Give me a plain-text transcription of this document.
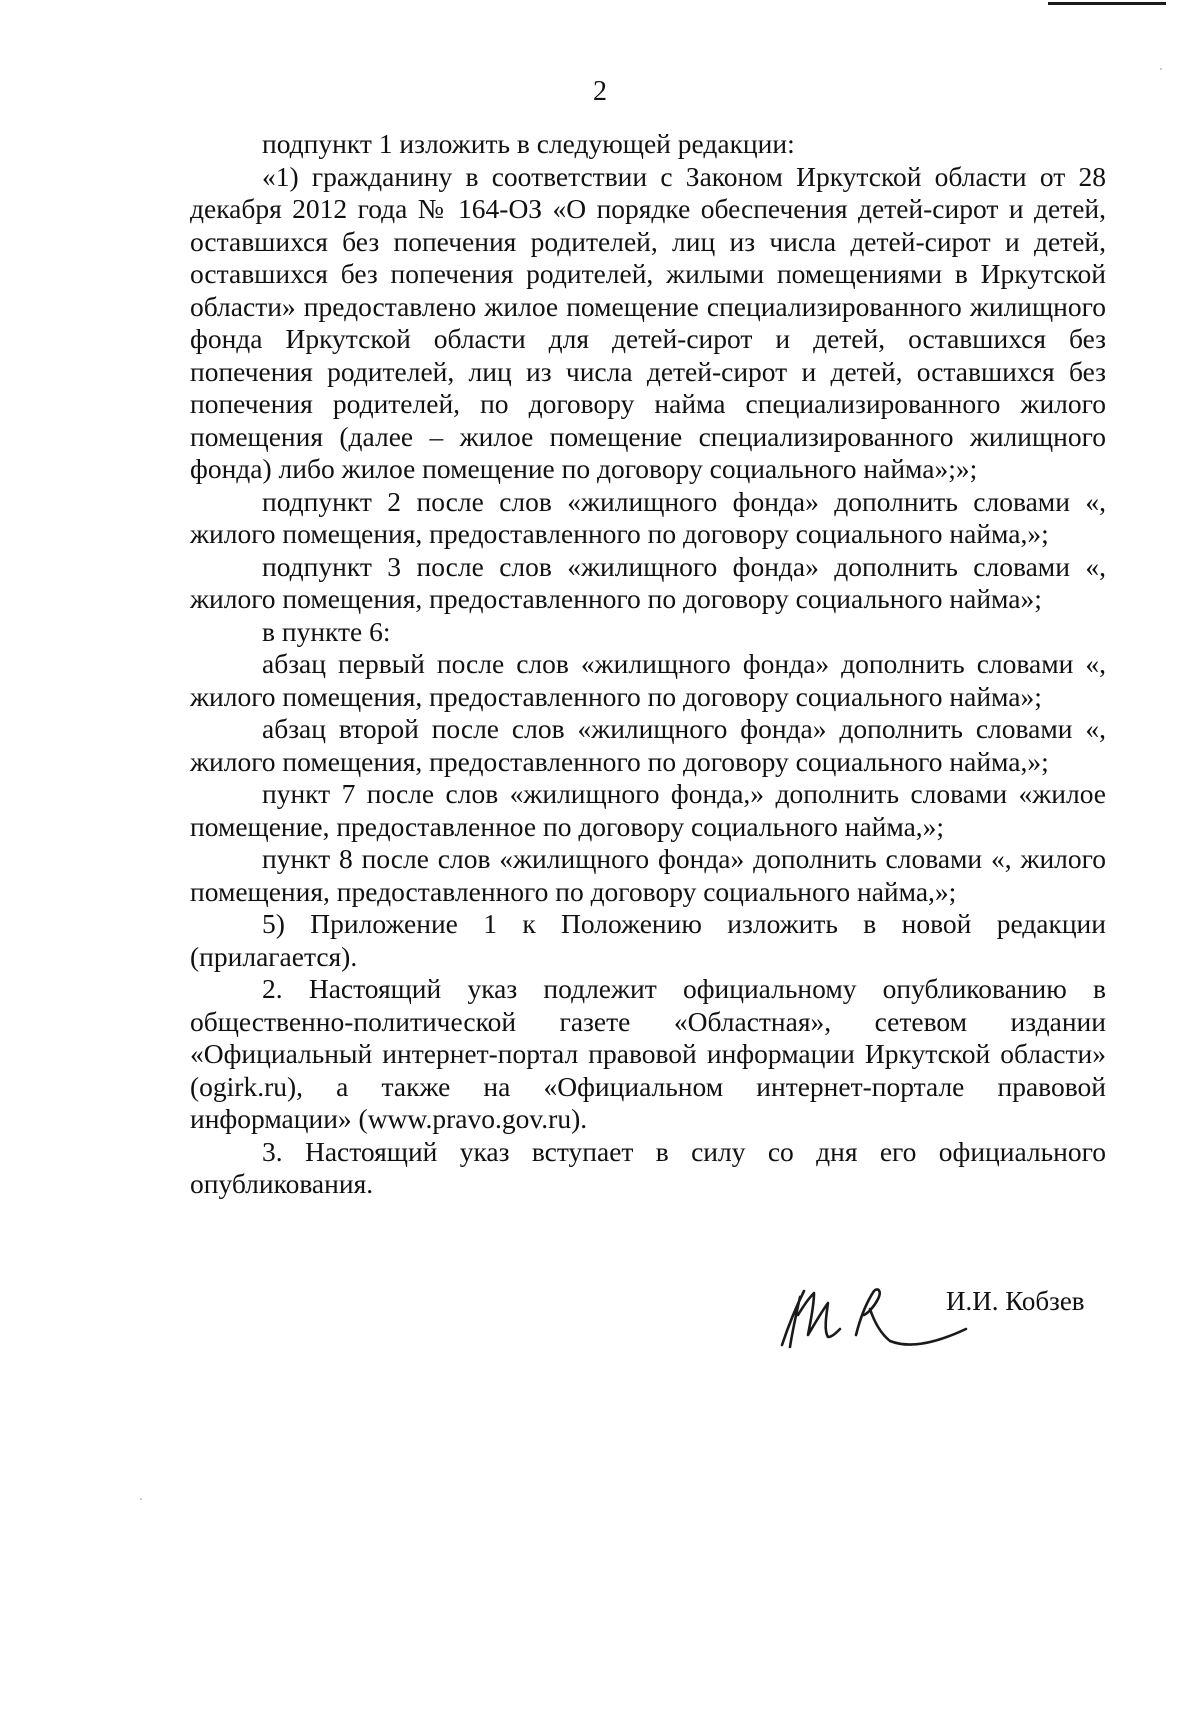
2

подпункт 1 изложить в следующей редакции:

«1) гражданину в соответствии с Законом Иркутской области от 28 декабря 2012 года № 164-ОЗ «О порядке обеспечения детей-сирот и детей, оставшихся без попечения родителей, лиц из числа детей-сирот и детей, оставшихся без попечения родителей, жилыми помещениями в Иркутской области» предоставлено жилое помещение специализированного жилищного фонда Иркутской области для детей-сирот и детей, оставшихся без попечения родителей, лиц из числа детей-сирот и детей, оставшихся без попечения родителей, по договору найма специализированного жилого помещения (далее – жилое помещение специализированного жилищного фонда) либо жилое помещение по договору социального найма»;»;

подпункт 2 после слов «жилищного фонда» дополнить словами «, жилого помещения, предоставленного по договору социального найма,»;

подпункт 3 после слов «жилищного фонда» дополнить словами «, жилого помещения, предоставленного по договору социального найма»;

в пункте 6:

абзац первый после слов «жилищного фонда» дополнить словами «, жилого помещения, предоставленного по договору социального найма»;

абзац второй после слов «жилищного фонда» дополнить словами «, жилого помещения, предоставленного по договору социального найма,»;

пункт 7 после слов «жилищного фонда,» дополнить словами «жилое помещение, предоставленное по договору социального найма,»;

пункт 8 после слов «жилищного фонда» дополнить словами «, жилого помещения, предоставленного по договору социального найма,»;

5) Приложение 1 к Положению изложить в новой редакции (прилагается).

2. Настоящий указ подлежит официальному опубликованию в общественно-политической газете «Областная», сетевом издании «Официальный интернет-портал правовой информации Иркутской области» (ogirk.ru), а также на «Официальном интернет-портале правовой информации» (www.pravo.gov.ru).

3. Настоящий указ вступает в силу со дня его официального опубликования.

И.И. Кобзев
